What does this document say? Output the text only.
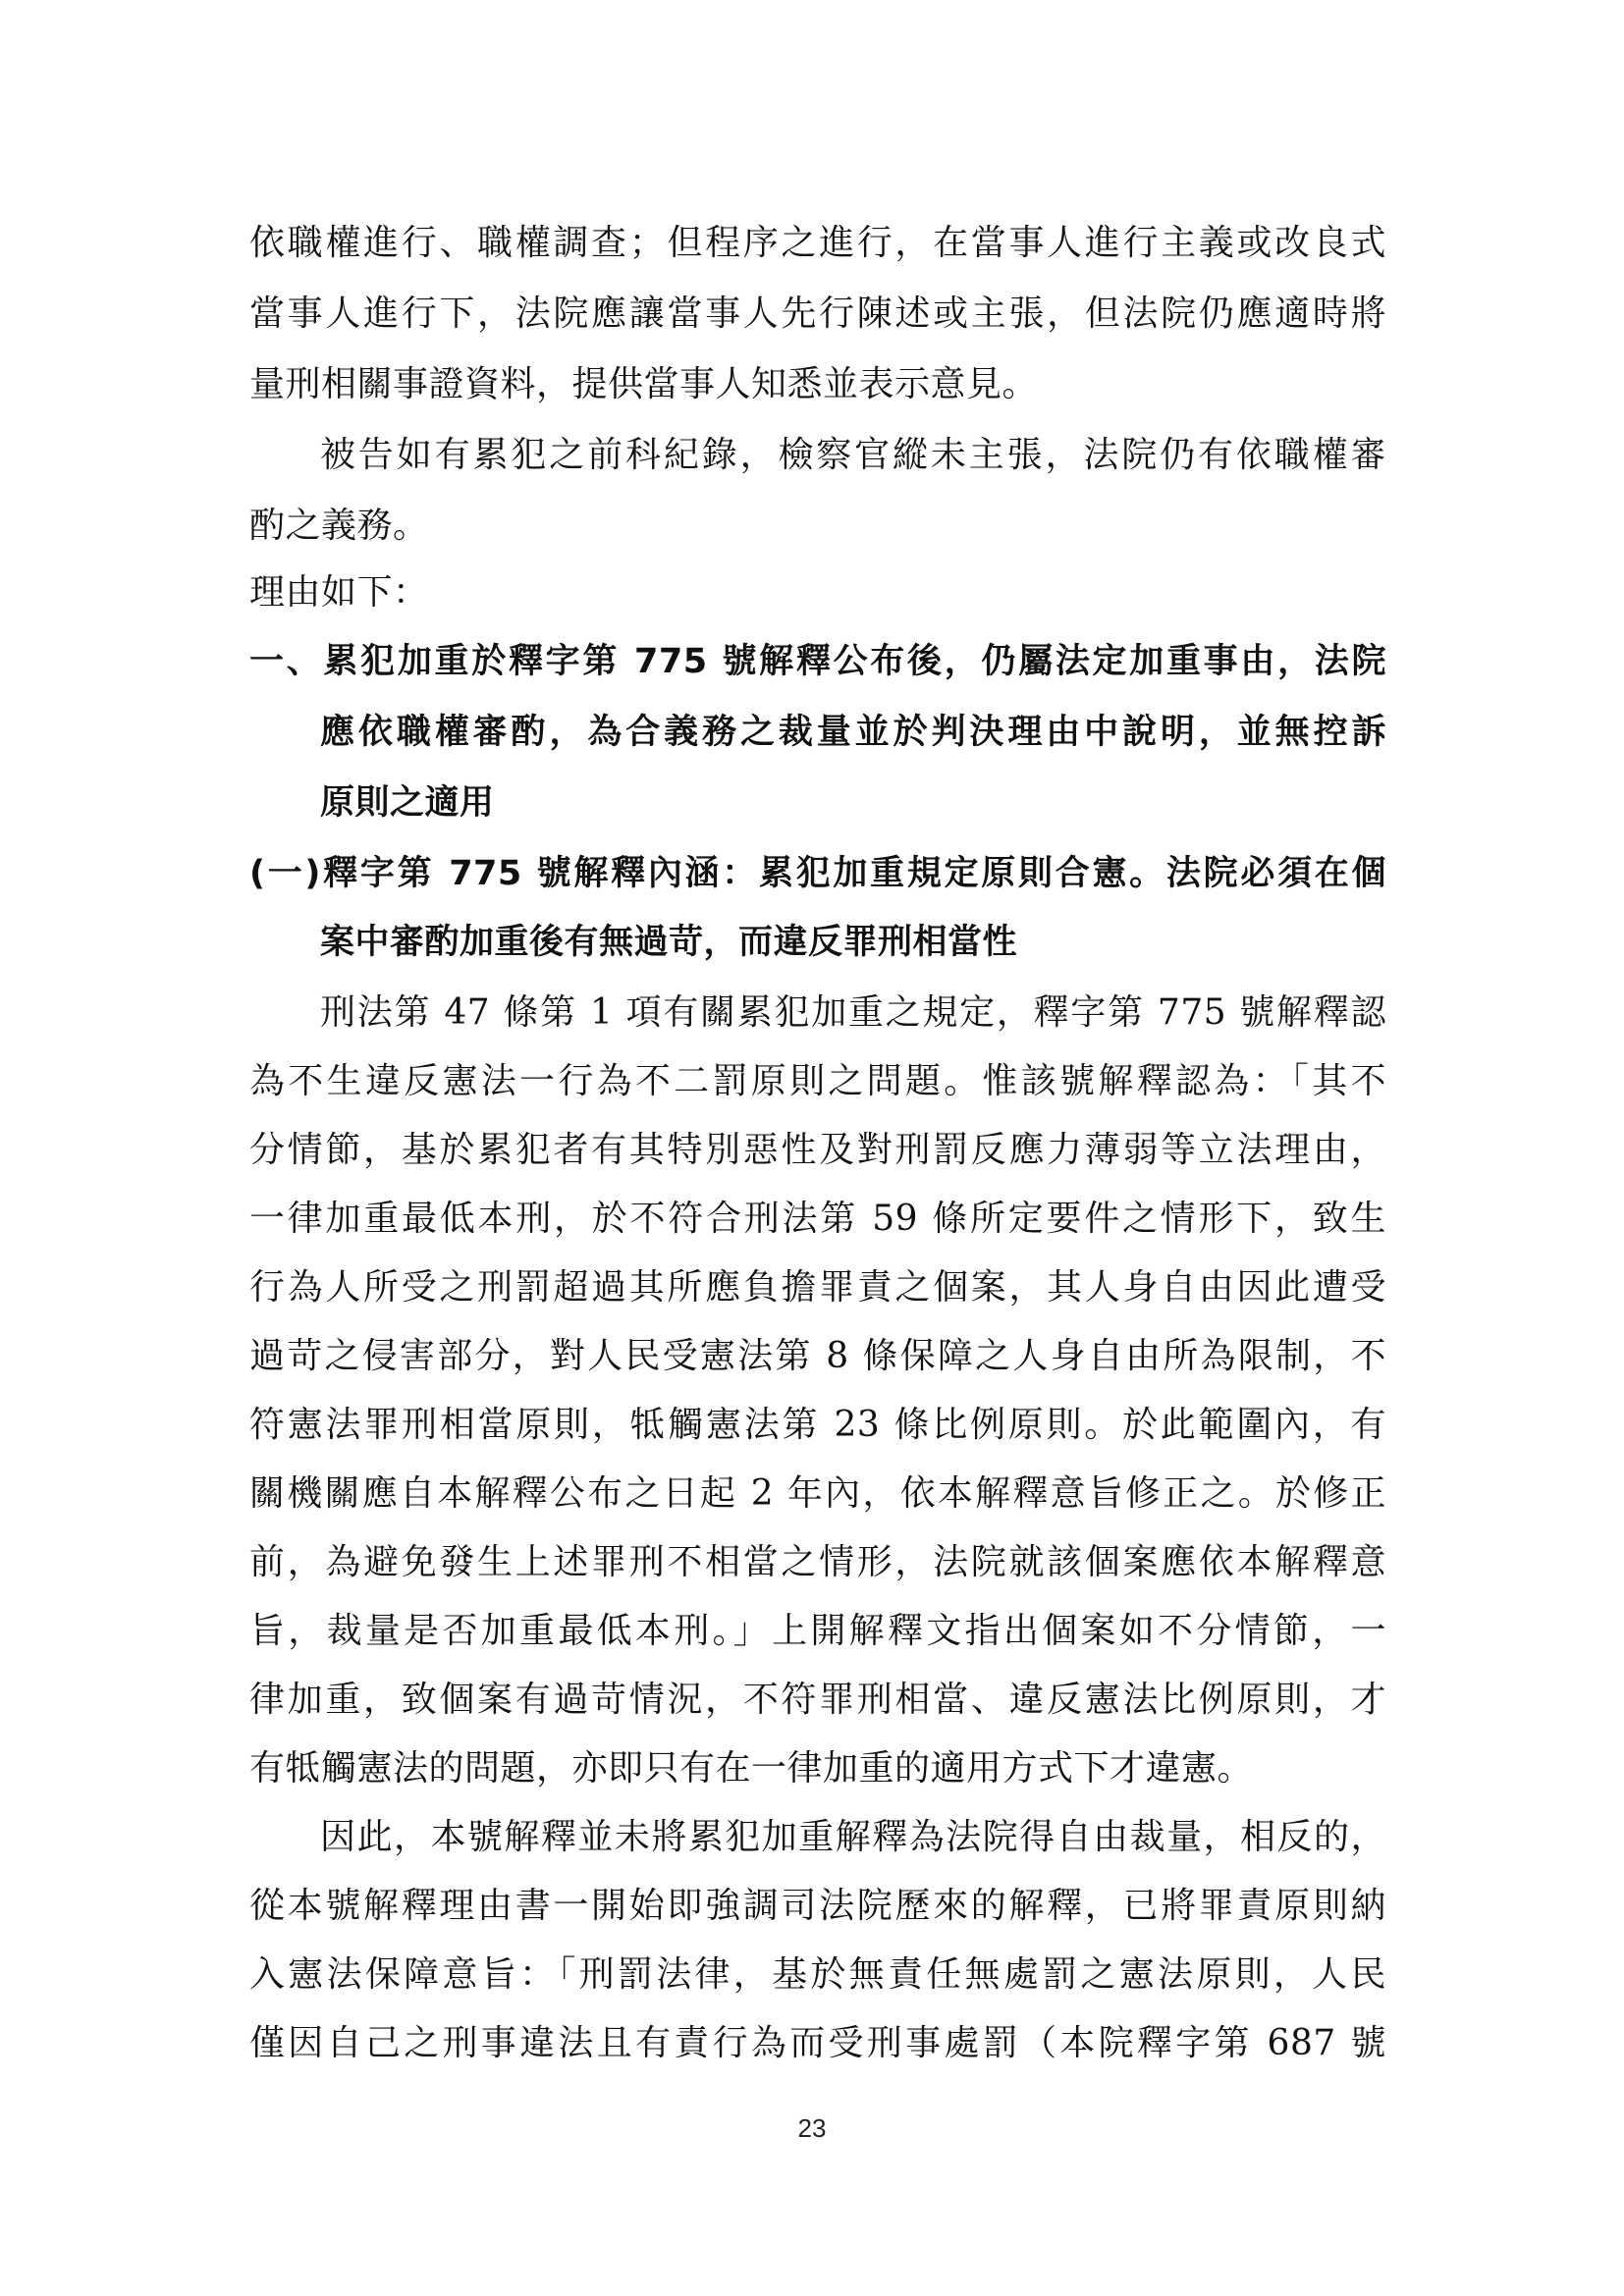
依職權進行、職權調查；但程序之進行，在當事人進行主義或改良式
當事人進行下，法院應讓當事人先行陳述或主張，但法院仍應適時將
量刑相關事證資料，提供當事人知悉並表示意見。
被告如有累犯之前科紀錄，檢察官縱未主張，法院仍有依職權審
酌之義務。
理由如下：
一、累犯加重於釋字第 775 號解釋公布後，仍屬法定加重事由，法院
應依職權審酌，為合義務之裁量並於判決理由中說明，並無控訴
原則之適用
(一)釋字第 775 號解釋內涵：累犯加重規定原則合憲。法院必須在個
案中審酌加重後有無過苛，而違反罪刑相當性
刑法第 47 條第 1 項有關累犯加重之規定，釋字第 775 號解釋認
為不生違反憲法一行為不二罰原則之問題。惟該號解釋認為：「其不
分情節，基於累犯者有其特別惡性及對刑罰反應力薄弱等立法理由，
一律加重最低本刑，於不符合刑法第 59 條所定要件之情形下，致生
行為人所受之刑罰超過其所應負擔罪責之個案，其人身自由因此遭受
過苛之侵害部分，對人民受憲法第 8 條保障之人身自由所為限制，不
符憲法罪刑相當原則，牴觸憲法第 23 條比例原則。於此範圍內，有
關機關應自本解釋公布之日起 2 年內，依本解釋意旨修正之。於修正
前，為避免發生上述罪刑不相當之情形，法院就該個案應依本解釋意
旨，裁量是否加重最低本刑。」上開解釋文指出個案如不分情節，一
律加重，致個案有過苛情況，不符罪刑相當、違反憲法比例原則，才
有牴觸憲法的問題，亦即只有在一律加重的適用方式下才違憲。
因此，本號解釋並未將累犯加重解釋為法院得自由裁量，相反的，
從本號解釋理由書一開始即強調司法院歷來的解釋，已將罪責原則納
入憲法保障意旨：「刑罰法律，基於無責任無處罰之憲法原則，人民
僅因自己之刑事違法且有責行為而受刑事處罰（本院釋字第 687 號
23
